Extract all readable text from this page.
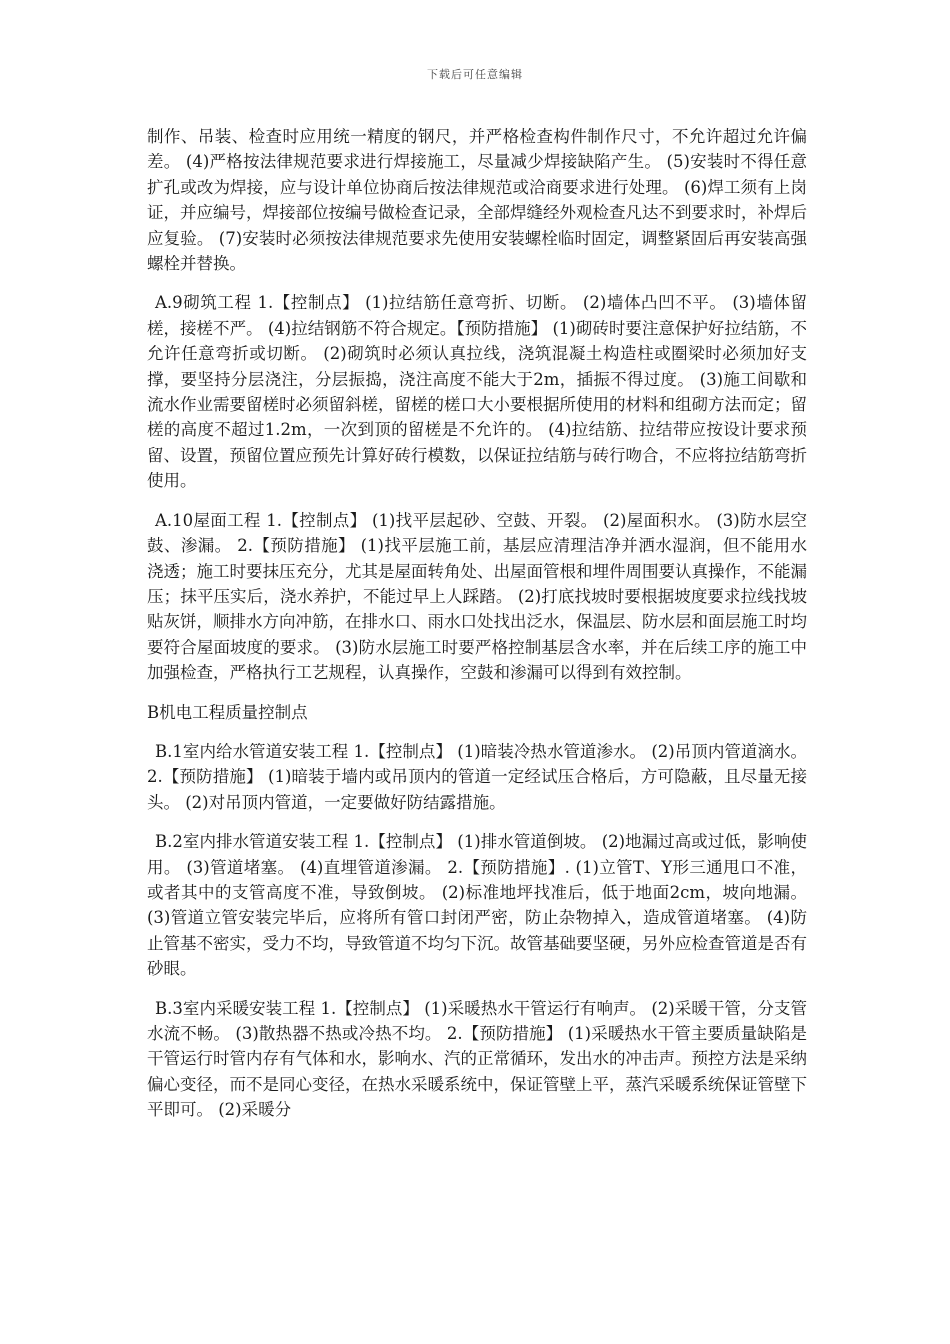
下载后可任意编辑

制作、吊装、检查时应用统一精度的钢尺，并严格检查构件制作尺寸，不允许超过允许偏差。 (4)严格按法律规范要求进行焊接施工，尽量减少焊接缺陷产生。 (5)安装时不得任意扩孔或改为焊接，应与设计单位协商后按法律规范或洽商要求进行处理。 (6)焊工须有上岗证，并应编号，焊接部位按编号做检查记录，全部焊缝经外观检查凡达不到要求时，补焊后应复验。 (7)安装时必须按法律规范要求先使用安装螺栓临时固定，调整紧固后再安装高强螺栓并替换。

A.9砌筑工程 1.【控制点】 (1)拉结筋任意弯折、切断。 (2)墙体凸凹不平。 (3)墙体留槎，接槎不严。 (4)拉结钢筋不符合规定。【预防措施】 (1)砌砖时要注意保护好拉结筋，不允许任意弯折或切断。 (2)砌筑时必须认真拉线，浇筑混凝土构造柱或圈梁时必须加好支撑，要坚持分层浇注，分层振捣，浇注高度不能大于2m，插振不得过度。 (3)施工间歇和流水作业需要留槎时必须留斜槎，留槎的槎口大小要根据所使用的材料和组砌方法而定；留槎的高度不超过1.2m，一次到顶的留槎是不允许的。 (4)拉结筋、拉结带应按设计要求预留、设置，预留位置应预先计算好砖行模数，以保证拉结筋与砖行吻合，不应将拉结筋弯折使用。

A.10屋面工程 1.【控制点】 (1)找平层起砂、空鼓、开裂。 (2)屋面积水。 (3)防水层空鼓、渗漏。 2.【预防措施】 (1)找平层施工前，基层应清理洁净并洒水湿润，但不能用水浇透；施工时要抹压充分，尤其是屋面转角处、出屋面管根和埋件周围要认真操作，不能漏压；抹平压实后，浇水养护，不能过早上人踩踏。 (2)打底找坡时要根据坡度要求拉线找坡贴灰饼，顺排水方向冲筋，在排水口、雨水口处找出泛水，保温层、防水层和面层施工时均要符合屋面坡度的要求。 (3)防水层施工时要严格控制基层含水率，并在后续工序的施工中加强检查，严格执行工艺规程，认真操作，空鼓和渗漏可以得到有效控制。

B机电工程质量控制点

B.1室内给水管道安装工程 1.【控制点】 (1)暗装冷热水管道渗水。 (2)吊顶内管道滴水。 2.【预防措施】 (1)暗装于墙内或吊顶内的管道一定经试压合格后，方可隐蔽，且尽量无接头。 (2)对吊顶内管道，一定要做好防结露措施。

B.2室内排水管道安装工程 1.【控制点】 (1)排水管道倒坡。 (2)地漏过高或过低，影响使用。 (3)管道堵塞。 (4)直埋管道渗漏。 2.【预防措施】. (1)立管T、Y形三通甩口不准，或者其中的支管高度不准，导致倒坡。 (2)标准地坪找准后，低于地面2cm，坡向地漏。 (3)管道立管安装完毕后，应将所有管口封闭严密，防止杂物掉入，造成管道堵塞。 (4)防止管基不密实，受力不均，导致管道不均匀下沉。故管基础要坚硬，另外应检查管道是否有砂眼。

B.3室内采暖安装工程 1.【控制点】 (1)采暖热水干管运行有响声。 (2)采暖干管，分支管水流不畅。 (3)散热器不热或冷热不均。 2.【预防措施】 (1)采暖热水干管主要质量缺陷是干管运行时管内存有气体和水，影响水、汽的正常循环，发出水的冲击声。预控方法是采纳偏心变径，而不是同心变径，在热水采暖系统中，保证管壁上平，蒸汽采暖系统保证管壁下平即可。 (2)采暖分
